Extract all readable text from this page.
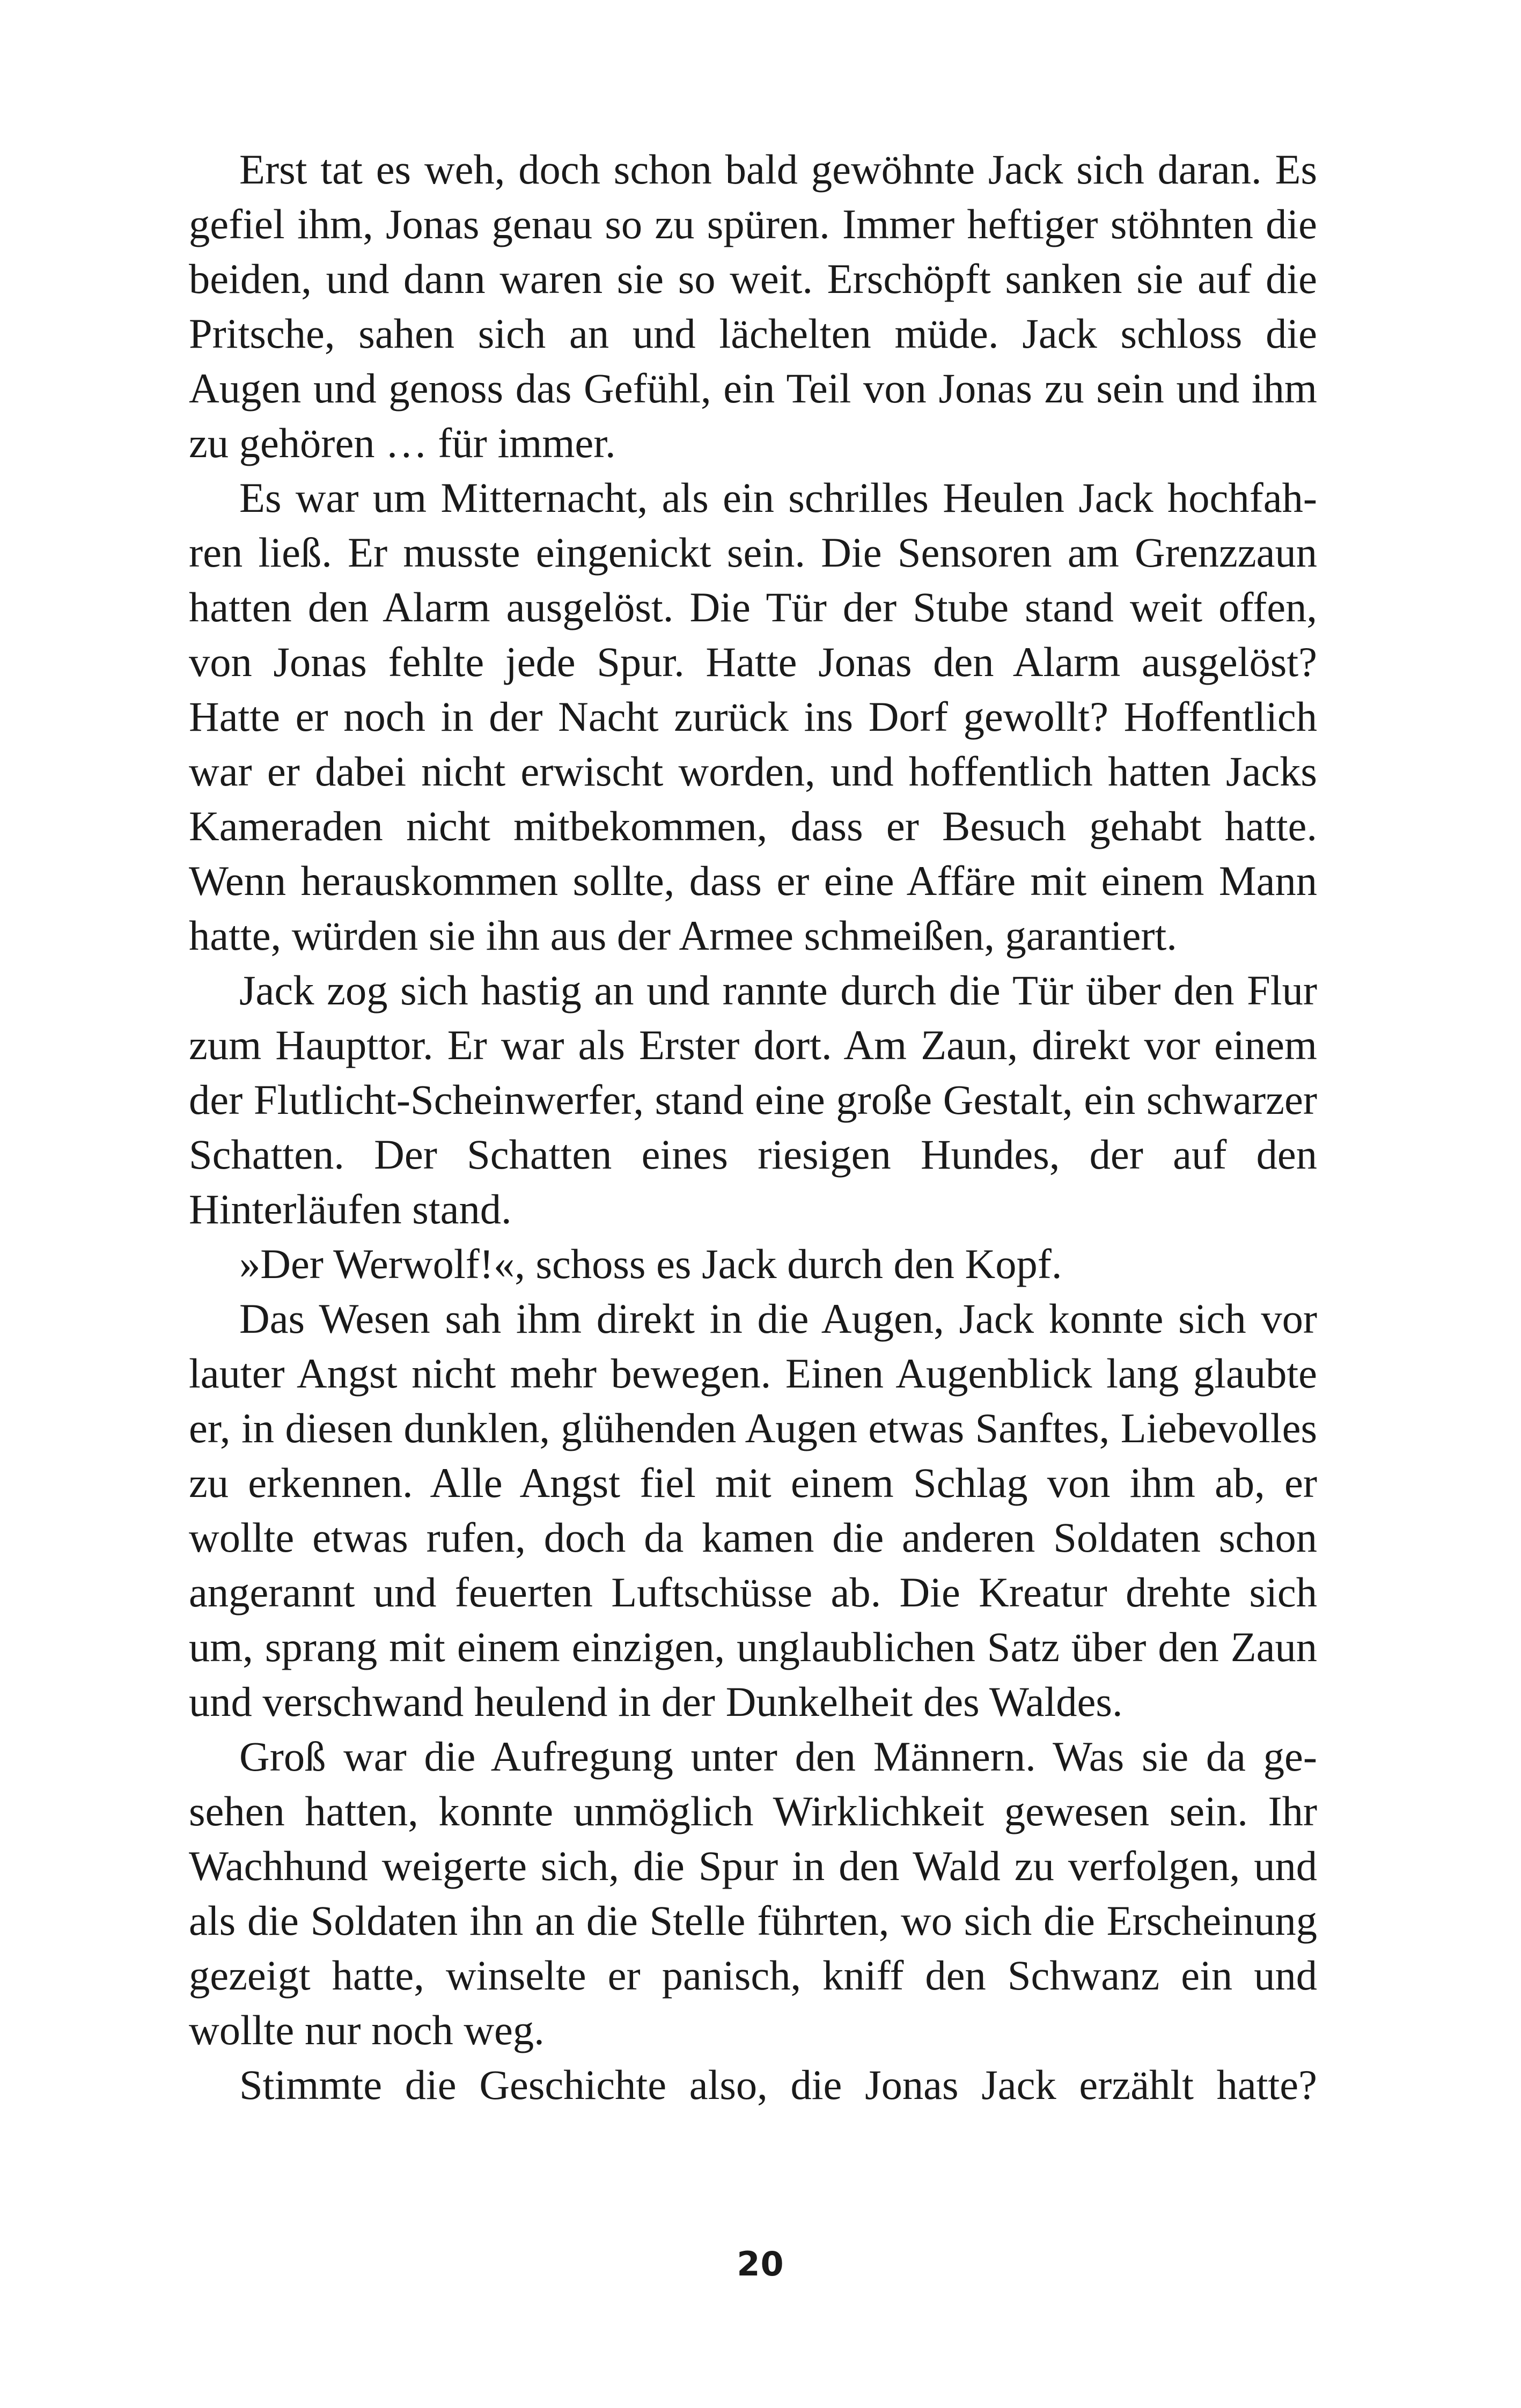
Erst tat es weh, doch schon bald gewöhnte Jack sich daran. Es gefiel ihm, Jonas genau so zu spüren. Immer heftiger stöhnten die beiden, und dann waren sie so weit. Erschöpft sanken sie auf die Pritsche, sahen sich an und lächelten müde. Jack schloss die Augen und genoss das Gefühl, ein Teil von Jonas zu sein und ihm zu gehören … für immer.

Es war um Mitternacht, als ein schrilles Heulen Jack hochfahren ließ. Er musste eingenickt sein. Die Sensoren am Grenzzaun hatten den Alarm ausgelöst. Die Tür der Stube stand weit offen, von Jonas fehlte jede Spur. Hatte Jonas den Alarm ausgelöst? Hatte er noch in der Nacht zurück ins Dorf gewollt? Hoffentlich war er dabei nicht erwischt worden, und hoffentlich hatten Jacks Kameraden nicht mitbekommen, dass er Besuch gehabt hatte. Wenn herauskommen sollte, dass er eine Affäre mit einem Mann hatte, würden sie ihn aus der Armee schmeißen, garantiert.

Jack zog sich hastig an und rannte durch die Tür über den Flur zum Haupttor. Er war als Erster dort. Am Zaun, direkt vor einem der Flutlicht-Scheinwerfer, stand eine große Gestalt, ein schwarzer Schatten. Der Schatten eines riesigen Hundes, der auf den Hinterläufen stand.

»Der Werwolf!«, schoss es Jack durch den Kopf.

Das Wesen sah ihm direkt in die Augen, Jack konnte sich vor lauter Angst nicht mehr bewegen. Einen Augenblick lang glaubte er, in diesen dunklen, glühenden Augen etwas Sanftes, Liebevolles zu erkennen. Alle Angst fiel mit einem Schlag von ihm ab, er wollte etwas rufen, doch da kamen die anderen Soldaten schon angerannt und feuerten Luftschüsse ab. Die Kreatur drehte sich um, sprang mit einem einzigen, unglaublichen Satz über den Zaun und verschwand heulend in der Dunkelheit des Waldes.

Groß war die Aufregung unter den Männern. Was sie da gesehen hatten, konnte unmöglich Wirklichkeit gewesen sein. Ihr Wachhund weigerte sich, die Spur in den Wald zu verfolgen, und als die Soldaten ihn an die Stelle führten, wo sich die Erscheinung gezeigt hatte, winselte er panisch, kniff den Schwanz ein und wollte nur noch weg.

Stimmte die Geschichte also, die Jonas Jack erzählt hatte?

20
